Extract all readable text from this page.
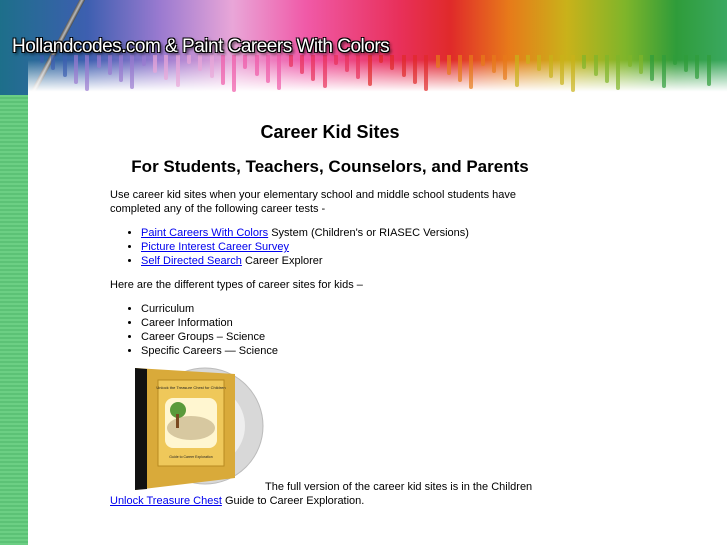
Hollandcodes.com & Paint Careers With Colors
Career Kid Sites
For Students, Teachers, Counselors, and Parents

Use career kid sites when your elementary school and middle school students have completed any of the following career tests -

• Paint Careers With Colors System (Children's or RIASEC Versions)
• Picture Interest Career Survey
• Self Directed Search Career Explorer

Here are the different types of career sites for kids –

• Curriculum
• Career Information
• Career Groups – Science
• Specific Careers — Science
Unlock the Treasure Chest for Children
Guide to Career Exploration
The full version of the career kid sites is in the Children Unlock Treasure Chest Guide to Career Exploration.
